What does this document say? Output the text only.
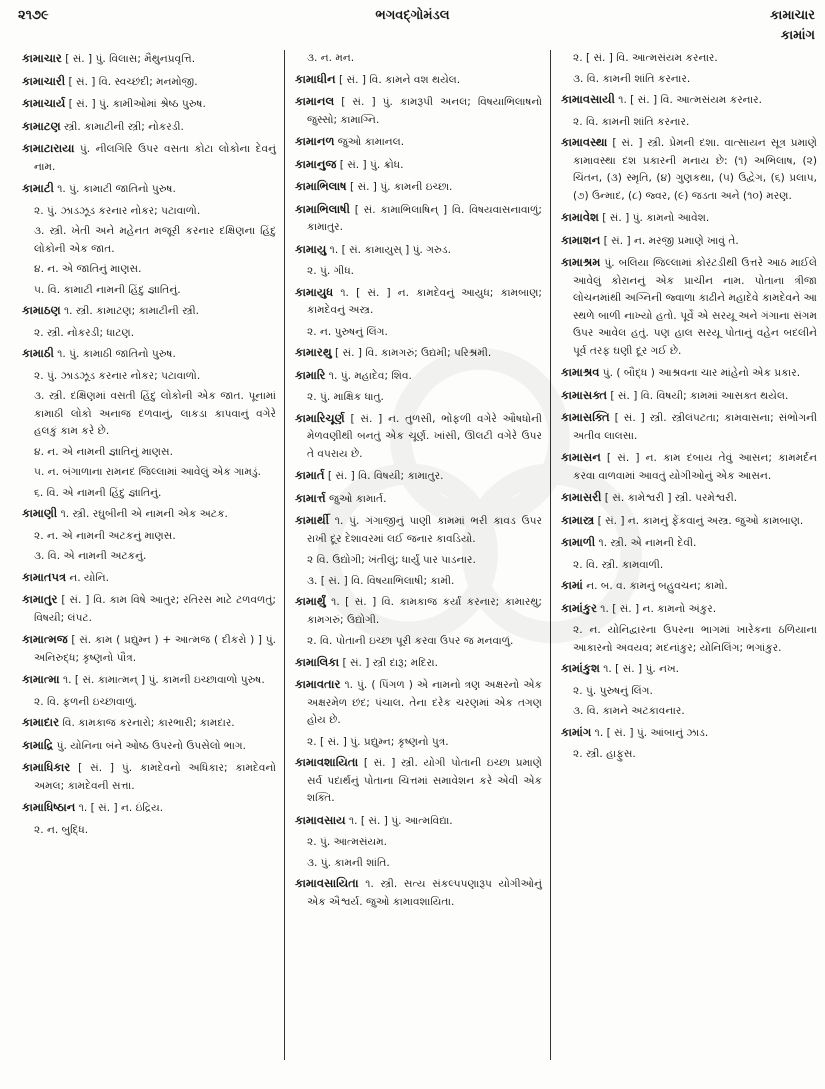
૨૧૭૯	ભગવદ્ગોમંડલ	કામાચાર
કામાંગ

કામાચાર [ સં. ] પું. વિલાસ; મૈથુનપ્રવૃત્તિ.

કામાચારી [ સં. ] વિ. સ્વચ્છંદી; મનમોજી.

કામાચાર્ય [ સં. ] પું. કામીઓમાં શ્રેષ્ઠ પુરુષ.

કામાટણ સ્ત્રી. કામાટીની સ્ત્રી; નોકરડી.

કામાટારાયા પું. નીલગિરિ ઉપર વસતા કોટા લોકોના દેવનું નામ.

કામાટી ૧. પું. કામાટી જાતિનો પુરુષ.

૨. પું. ઝાડઝૂડ કરનાર નોકર; પટાવાળો.

૩. સ્ત્રી. ખેતી અને મહેનત મજૂરી કરનાર દક્ષિણના હિંદુ લોકોની એક જાત.

૪. ન. એ જાતિનું માણસ.

૫. વિ. કામાટી નામની હિંદુ જ્ઞાતિનું.

કામાઠણ ૧. સ્ત્રી. કામાટણ; કામાટીની સ્ત્રી.

૨. સ્ત્રી. નોકરડી; ધાટણ.

કામાઠી ૧. પું. કામાઠી જાતિનો પુરુષ.

૨. પું. ઝાડઝૂડ કરનાર નોકર; પટાવાળો.

૩. સ્ત્રી. દક્ષિણમાં વસતી હિંદુ લોકોની એક જાત. પૂનામાં કામાઠી લોકો અનાજ દળવાનું, લાકડા કાપવાનું વગેરે હલકું કામ કરે છે.

૪. ન. એ નામની જ્ઞાતિનું માણસ.

૫. ન. બંગાળાના રામનદ જિલ્લામાં આવેલું એક ગામડું.

૬. વિ. એ નામની હિંદુ જ્ઞાતિનું.

કામાણી ૧. સ્ત્રી. રઘુબીની એ નામની એક અટક.

૨. ન. એ નામની અટકનું માણસ.

૩. વિ. એ નામની અટકનું.

કામાતપત્ર ન. યોનિ.

કામાતુર [ સં. ] વિ. કામ વિષે આતુર; રતિરસ માટે ટળવળતું; વિષયી; લંપટ.

કામાત્મજ [ સં. કામ ( પ્રદ્યુમ્ન ) + આત્મજ ( દીકરો ) ] પું. અનિરુદ્ધ; કૃષ્ણનો પૌત્ર.

કામાત્મા ૧. [ સં. કામાત્મન્ ] પું. કામની ઇચ્છાવાળો પુરુષ.

૨. વિ. ફળની ઇચ્છાવાળું.

કામાદાર વિ. કામકાજ કરનારો; કારભારી; કામદાર.

કામાદ્રિ પું. યોનિના બંને ઓષ્ઠ ઉપરનો ઉપસેલો ભાગ.

કામાધિકાર [ સં. ] પું. કામદેવનો અધિકાર; કામદેવનો અમલ; કામદેવની સત્તા.

કામાધિષ્ઠાન ૧. [ સં. ] ન. ઇંદ્રિય.

૨. ન. બુદ્ધિ.

૩. ન. મન.

કામાધીન [ સં. ] વિ. કામને વશ થયેલ.

કામાનલ [ સં. ] પું. કામરૂપી અનલ; વિષયાભિલાષનો જુસ્સો; કામાગ્નિ.

કામાનળ જુઓ કામાનલ.

કામાનુજ [ સં. ] પું. ક્રોધ.

કામાભિલાષ [ સં. ] પું. કામની ઇચ્છા.

કામાભિલાષી [ સં. કામાભિલાષિન્ ] વિ. વિષયવાસનાવાળું; કામાતુર.

કામાયુ ૧. [ સં. કામાયુસ્ ] પું. ગરુડ.

૨. પું. ગીધ.

કામાયુધ ૧. [ સં. ] ન. કામદેવનું આયુધ; કામબાણ; કામદેવનું અસ્ત્ર.

૨. ન. પુરુષનું લિંગ.

કામારથુ [ સં. ] વિ. કામગરું; ઉદ્યમી; પરિશ્રમી.

કામારિ ૧. પું. મહાદેવ; શિવ.

૨. પું. માક્ષિક ધાતુ.

કામારિચૂર્ણ [ સં. ] ન. તુળસી, ભોંફળી વગેરે ઔષધોની મેળવણીથી બનતું એક ચૂર્ણ. ખાંસી, ઊલટી વગેરે ઉપર તે વપરાય છે.

કામાર્ત [ સં. ] વિ. વિષયી; કામાતુર.

કામાર્ત્ત જુઓ કામાર્ત.

કામાર્થી ૧. પું. ગંગાજીનું પાણી કામમાં ભરી કાવડ ઉપર રાખી દૂર દેશાવરમાં લઈ જનાર કાવડિયો.

૨ વિ. ઉદ્યોગી; ખંતીલું; ધાર્યું પાર પાડનાર.

૩. [ સં. ] વિ. વિષયાભિલાષી; કામી.

કામાર્થું ૧. [ સં. ] વિ. કામકાજ કર્યાં કરનાર; કામારથુ; કામગરું; ઉદ્યોગી.

૨. વિ. પોતાની ઇચ્છા પૂરી કરવા ઉપર જ મનવાળું.

કામાલિકા [ સં. ] સ્ત્રી દારૂ; મદિરા.

કામાવતાર ૧. પું. ( પિંગળ ) એ નામનો ત્રણ અક્ષરનો એક અક્ષરમેળ છંદ; પંચાલ. તેના દરેક ચરણમાં એક તગણ હોય છે.

૨. [ સં. ] પું. પ્રદ્યુમ્ન; કૃષ્ણનો પુત્ર.

કામાવશાયિતા [ સં. ] સ્ત્રી. યોગી પોતાની ઇચ્છા પ્રમાણે સર્વ પદાર્થનું પોતાના ચિત્તમાં સમાવેશન કરે એવી એક શક્તિ.

કામાવસાય ૧. [ સં. ] પું. આત્મવિદ્યા.

૨. પું. આત્મસંયમ.

૩. પું. કામની શાંતિ.

કામાવસાયિતા ૧. સ્ત્રી. સત્ય સંકલ્પપણારૂપ યોગીઓનું એક ઐશ્વર્ય. જુઓ કામાવશાયિતા.

૨. [ સં. ] વિ. આત્મસંયમ કરનાર.

૩. વિ. કામની શાંતિ કરનાર.

કામાવસાયી ૧. [ સં. ] વિ. આત્મસંયમ કરનાર.

૨. વિ. કામની શાંતિ કરનાર.

કામાવસ્થા [ સં. ] સ્ત્રી. પ્રેમની દશા. વાત્સાયન સૂત્ર પ્રમાણે કામાવસ્થા દશ પ્રકારની મનાય છે: (૧) અભિલાષ, (૨) ચિંતન, (૩) સ્મૃતિ, (૪) ગુણકથા, (૫) ઉદ્વેગ, (૬) પ્રલાપ, (૭) ઉન્માદ, (૮) જ્વર, (૯) જડતા અને (૧૦) મરણ.

કામાવેશ [ સં. ] પું. કામનો આવેશ.

કામાશન [ સં. ] ન. મરજી પ્રમાણે ખાવું તે.

કામાશ્રમ પું. બલિયા જિલ્લામાં કોરંટડીથી ઉત્તરે આઠ માઈલે આવેલું કોરાનનું એક પ્રાચીન નામ. પોતાના ત્રીજા લોચનમાંથી અગ્નિની જ્વાળા કાઢીને મહાદેવે કામદેવને આ સ્થળે બાળી નાખ્યો હતો. પૂર્વે એ સરયૂ અને ગંગાના સંગમ ઉપર આવેલ હતું. પણ હાલ સરયૂ પોતાનું વહેન બદલીને પૂર્વ તરફ ઘણી દૂર ગઈ છે.

કામાશ્રવ પું. ( બૌદ્ધ ) આશ્રવના ચાર માંહેનો એક પ્રકાર.

કામાસક્ત [ સં. ] વિ. વિષયી; કામમાં આસક્ત થયેલ.

કામાસક્તિ [ સં. ] સ્ત્રી. સ્ત્રીલંપટતા; કામવાસના; સંભોગની અતીવ લાલસા.

કામાસન [ સં. ] ન. કામ દબાય તેવું આસન; કામમર્દન કરવા વાળવામાં આવતું યોગીઓનું એક આસન.

કામાસરી [ સં. કામેશ્વરી ] સ્ત્રી. પરમેશ્વરી.

કામાસ્ત્ર [ સં. ] ન. કામનું ફેંકવાનું અસ્ત્ર. જુઓ કામબાણ.

કામાળી ૧. સ્ત્રી. એ નામની દેવી.

૨. વિ. સ્ત્રી. કામવાળી.

કામાં ન. બ. વ. કામનું બહુવચન; કામો.

કામાંકુર ૧. [ સં. ] ન. કામનો અંકુર.

૨. ન. યોનિદ્વારના ઉપરના ભાગમાં ખારેકના ઠળિયાના આકારનો અવયવ; મદનાંકુર; યોનિલિંગ; ભગાંકુર.

કામાંકુશ ૧. [ સં. ] પું. નખ.

૨. પું. પુરુષનું લિંગ.

૩. વિ. કામને અટકાવનાર.

કામાંગ ૧. [ સં. ] પું. આંબાનું ઝાડ.

૨. સ્ત્રી. હાફુસ.
